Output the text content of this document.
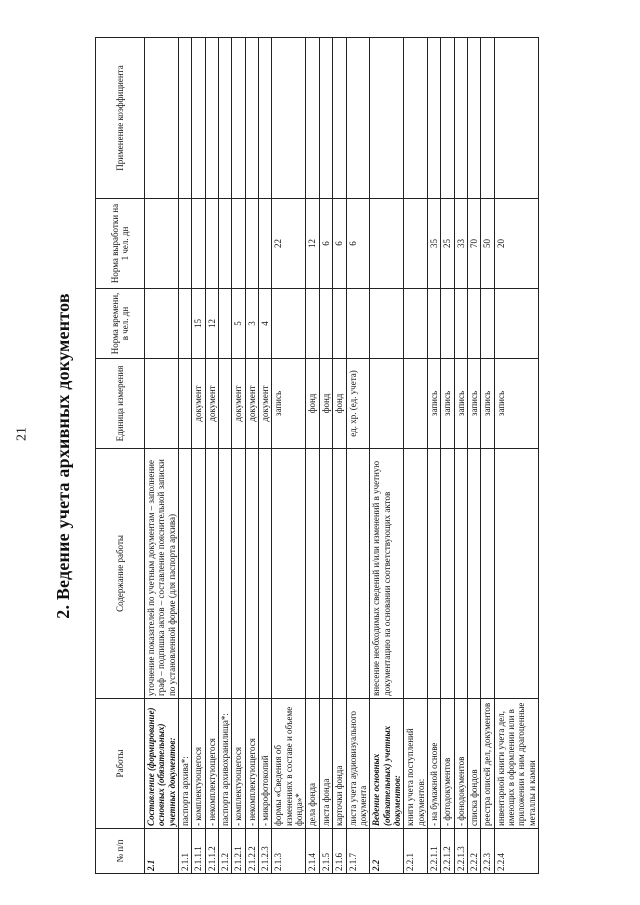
21 2. Ведение учета архивных документов
№ п/п	Работы	Содержание работы	Единица измерения	Норма времени, в чел. дн	Норма выработки на 1 чел. дн	Применение коэффициента
2.1	Составление (формирование) основных (обязательных) учетных документов:	уточнение показателей по учетным документам – заполнение граф – подпишка актов – составление пояснительной записки по установленной форме (для паспорта архива)				
2.1.1	паспорта архива*:					
2.1.1.1	- комплектующегося		документ	15		
2.1.1.2	- некомплектующегося		документ	12		
2.1.2	паспорта архивохранилища*:					
2.1.2.1	- комплектующегося		документ	5		
2.1.2.2	- некомплектующегося		документ	3		
2.1.2.3	- микрофотокопий		документ	4		
2.1.3	формы «Сведения об изменениях в составе и объеме фонда»*		запись		22	
2.1.4	дела фонда		фонд		12	
2.1.5	листа фонда		фонд		6	
2.1.6	карточки фонда		фонд		6	
2.1.7	листа учета аудиовизуального документа		ед. хр. (ед. учета)		6	
2.2	Ведение основных (обязательных) учетных документов:	внесение необходимых сведений и/или изменений в учетную документацию на основании соответствующих актов				
2.2.1	книги учета поступлений документов:					
2.2.1.1	- на бумажной основе		запись		35	
2.2.1.2	- фотодокументов		запись		25	
2.2.1.3	- фонодокументов		запись		33	
2.2.2	списка фондов		запись		70	
2.2.3	реестра описей дел, документов		запись		50	
2.2.4	инвентарной книги учета дел, имеющих в оформлении или в приложении к ним драгоценные металлы и камни		запись		20	
